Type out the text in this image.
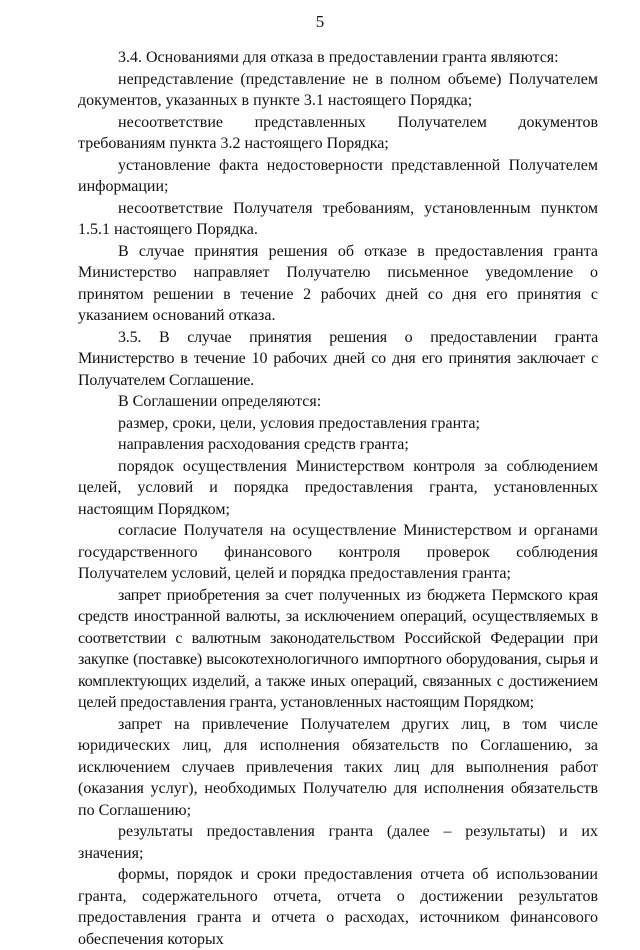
5

3.4. Основаниями для отказа в предоставлении гранта являются:

непредставление (представление не в полном объеме) Получателем документов, указанных в пункте 3.1 настоящего Порядка;

несоответствие представленных Получателем документов требованиям пункта 3.2 настоящего Порядка;

установление факта недостоверности представленной Получателем информации;

несоответствие Получателя требованиям, установленным пунктом 1.5.1 настоящего Порядка.

В случае принятия решения об отказе в предоставления гранта Министерство направляет Получателю письменное уведомление о принятом решении в течение 2 рабочих дней со дня его принятия с указанием оснований отказа.

3.5. В случае принятия решения о предоставлении гранта Министерство в течение 10 рабочих дней со дня его принятия заключает с Получателем Соглашение.

В Соглашении определяются:

размер, сроки, цели, условия предоставления гранта;

направления расходования средств гранта;

порядок осуществления Министерством контроля за соблюдением целей, условий и порядка предоставления гранта, установленных настоящим Порядком;

согласие Получателя на осуществление Министерством и органами государственного финансового контроля проверок соблюдения Получателем условий, целей и порядка предоставления гранта;

запрет приобретения за счет полученных из бюджета Пермского края средств иностранной валюты, за исключением операций, осуществляемых в соответствии с валютным законодательством Российской Федерации при закупке (поставке) высокотехнологичного импортного оборудования, сырья и комплектующих изделий, а также иных операций, связанных с достижением целей предоставления гранта, установленных настоящим Порядком;

запрет на привлечение Получателем других лиц, в том числе юридических лиц, для исполнения обязательств по Соглашению, за исключением случаев привлечения таких лиц для выполнения работ (оказания услуг), необходимых Получателю для исполнения обязательств по Соглашению;

результаты предоставления гранта (далее – результаты) и их значения;

формы, порядок и сроки предоставления отчета об использовании гранта, содержательного отчета, отчета о достижении результатов предоставления гранта и отчета о расходах, источником финансового обеспечения которых
